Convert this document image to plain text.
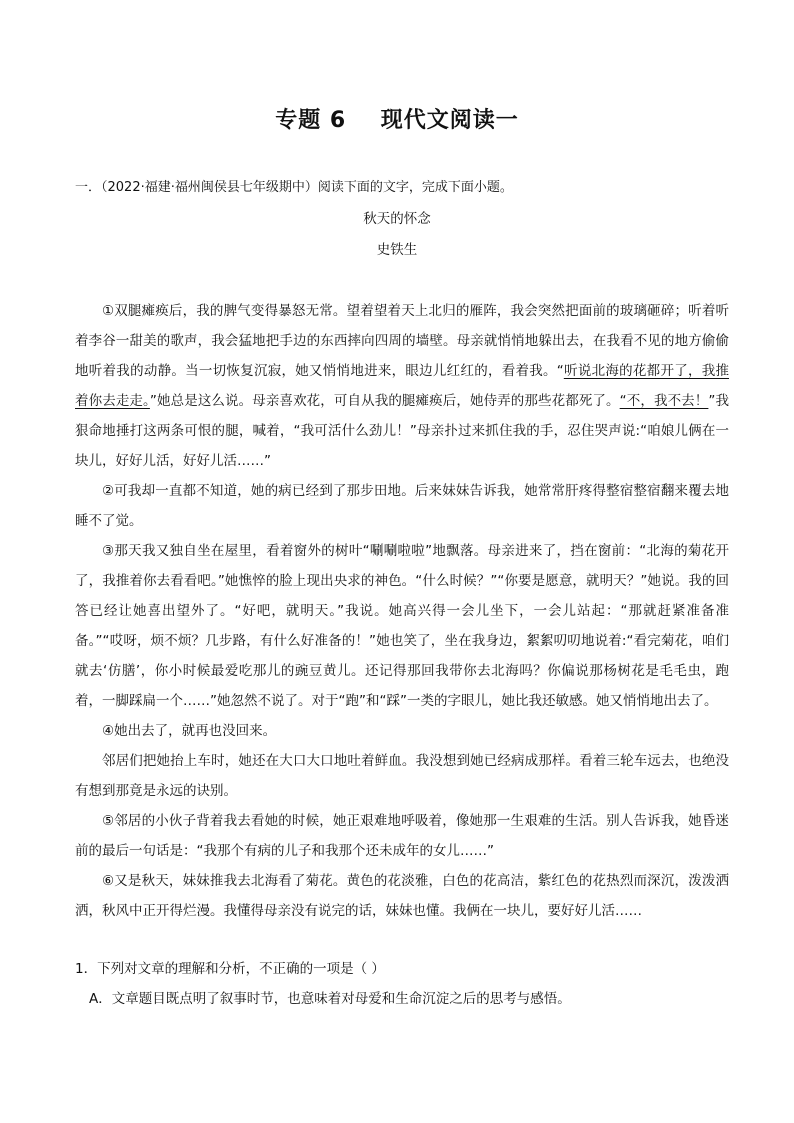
专题 6    现代文阅读一
一．（2022·福建·福州闽侯县七年级期中）阅读下面的文字，完成下面小题。
秋天的怀念
史铁生

①双腿瘫痪后，我的脾气变得暴怒无常。望着望着天上北归的雁阵，我会突然把面前的玻璃砸碎；听着听着李谷一甜美的歌声，我会猛地把手边的东西摔向四周的墙壁。母亲就悄悄地躲出去，在我看不见的地方偷偷地听着我的动静。当一切恢复沉寂，她又悄悄地进来，眼边儿红红的，看着我。“听说北海的花都开了，我推着你去走走。”她总是这么说。母亲喜欢花，可自从我的腿瘫痪后，她侍弄的那些花都死了。“不，我不去！”我狠命地捶打这两条可恨的腿，喊着，“我可活什么劲儿！”母亲扑过来抓住我的手，忍住哭声说:“咱娘儿俩在一块儿，好好儿活，好好儿活……”

②可我却一直都不知道，她的病已经到了那步田地。后来妹妹告诉我，她常常肝疼得整宿整宿翻来覆去地睡不了觉。

③那天我又独自坐在屋里，看着窗外的树叶“唰唰啦啦”地飘落。母亲进来了，挡在窗前：“北海的菊花开了，我推着你去看看吧。”她憔悴的脸上现出央求的神色。“什么时候？”“你要是愿意，就明天？”她说。我的回答已经让她喜出望外了。“好吧，就明天。”我说。她高兴得一会儿坐下，一会儿站起：“那就赶紧准备准备。”“哎呀，烦不烦？几步路，有什么好准备的！”她也笑了，坐在我身边，絮絮叨叨地说着:“看完菊花，咱们就去‘仿膳’，你小时候最爱吃那儿的豌豆黄儿。还记得那回我带你去北海吗？你偏说那杨树花是毛毛虫，跑着，一脚踩扁一个……”她忽然不说了。对于“跑”和“踩”一类的字眼儿，她比我还敏感。她又悄悄地出去了。

④她出去了，就再也没回来。

邻居们把她抬上车时，她还在大口大口地吐着鲜血。我没想到她已经病成那样。看着三轮车远去，也绝没有想到那竟是永远的诀别。

⑤邻居的小伙子背着我去看她的时候，她正艰难地呼吸着，像她那一生艰难的生活。别人告诉我，她昏迷前的最后一句话是：“我那个有病的儿子和我那个还未成年的女儿……”

⑥又是秋天，妹妹推我去北海看了菊花。黄色的花淡雅，白色的花高洁，紫红色的花热烈而深沉，泼泼洒洒，秋风中正开得烂漫。我懂得母亲没有说完的话，妹妹也懂。我俩在一块儿，要好好儿活……

1．下列对文章的理解和分析，不正确的一项是（ ）
A．文章题目既点明了叙事时节，也意味着对母爱和生命沉淀之后的思考与感悟。
